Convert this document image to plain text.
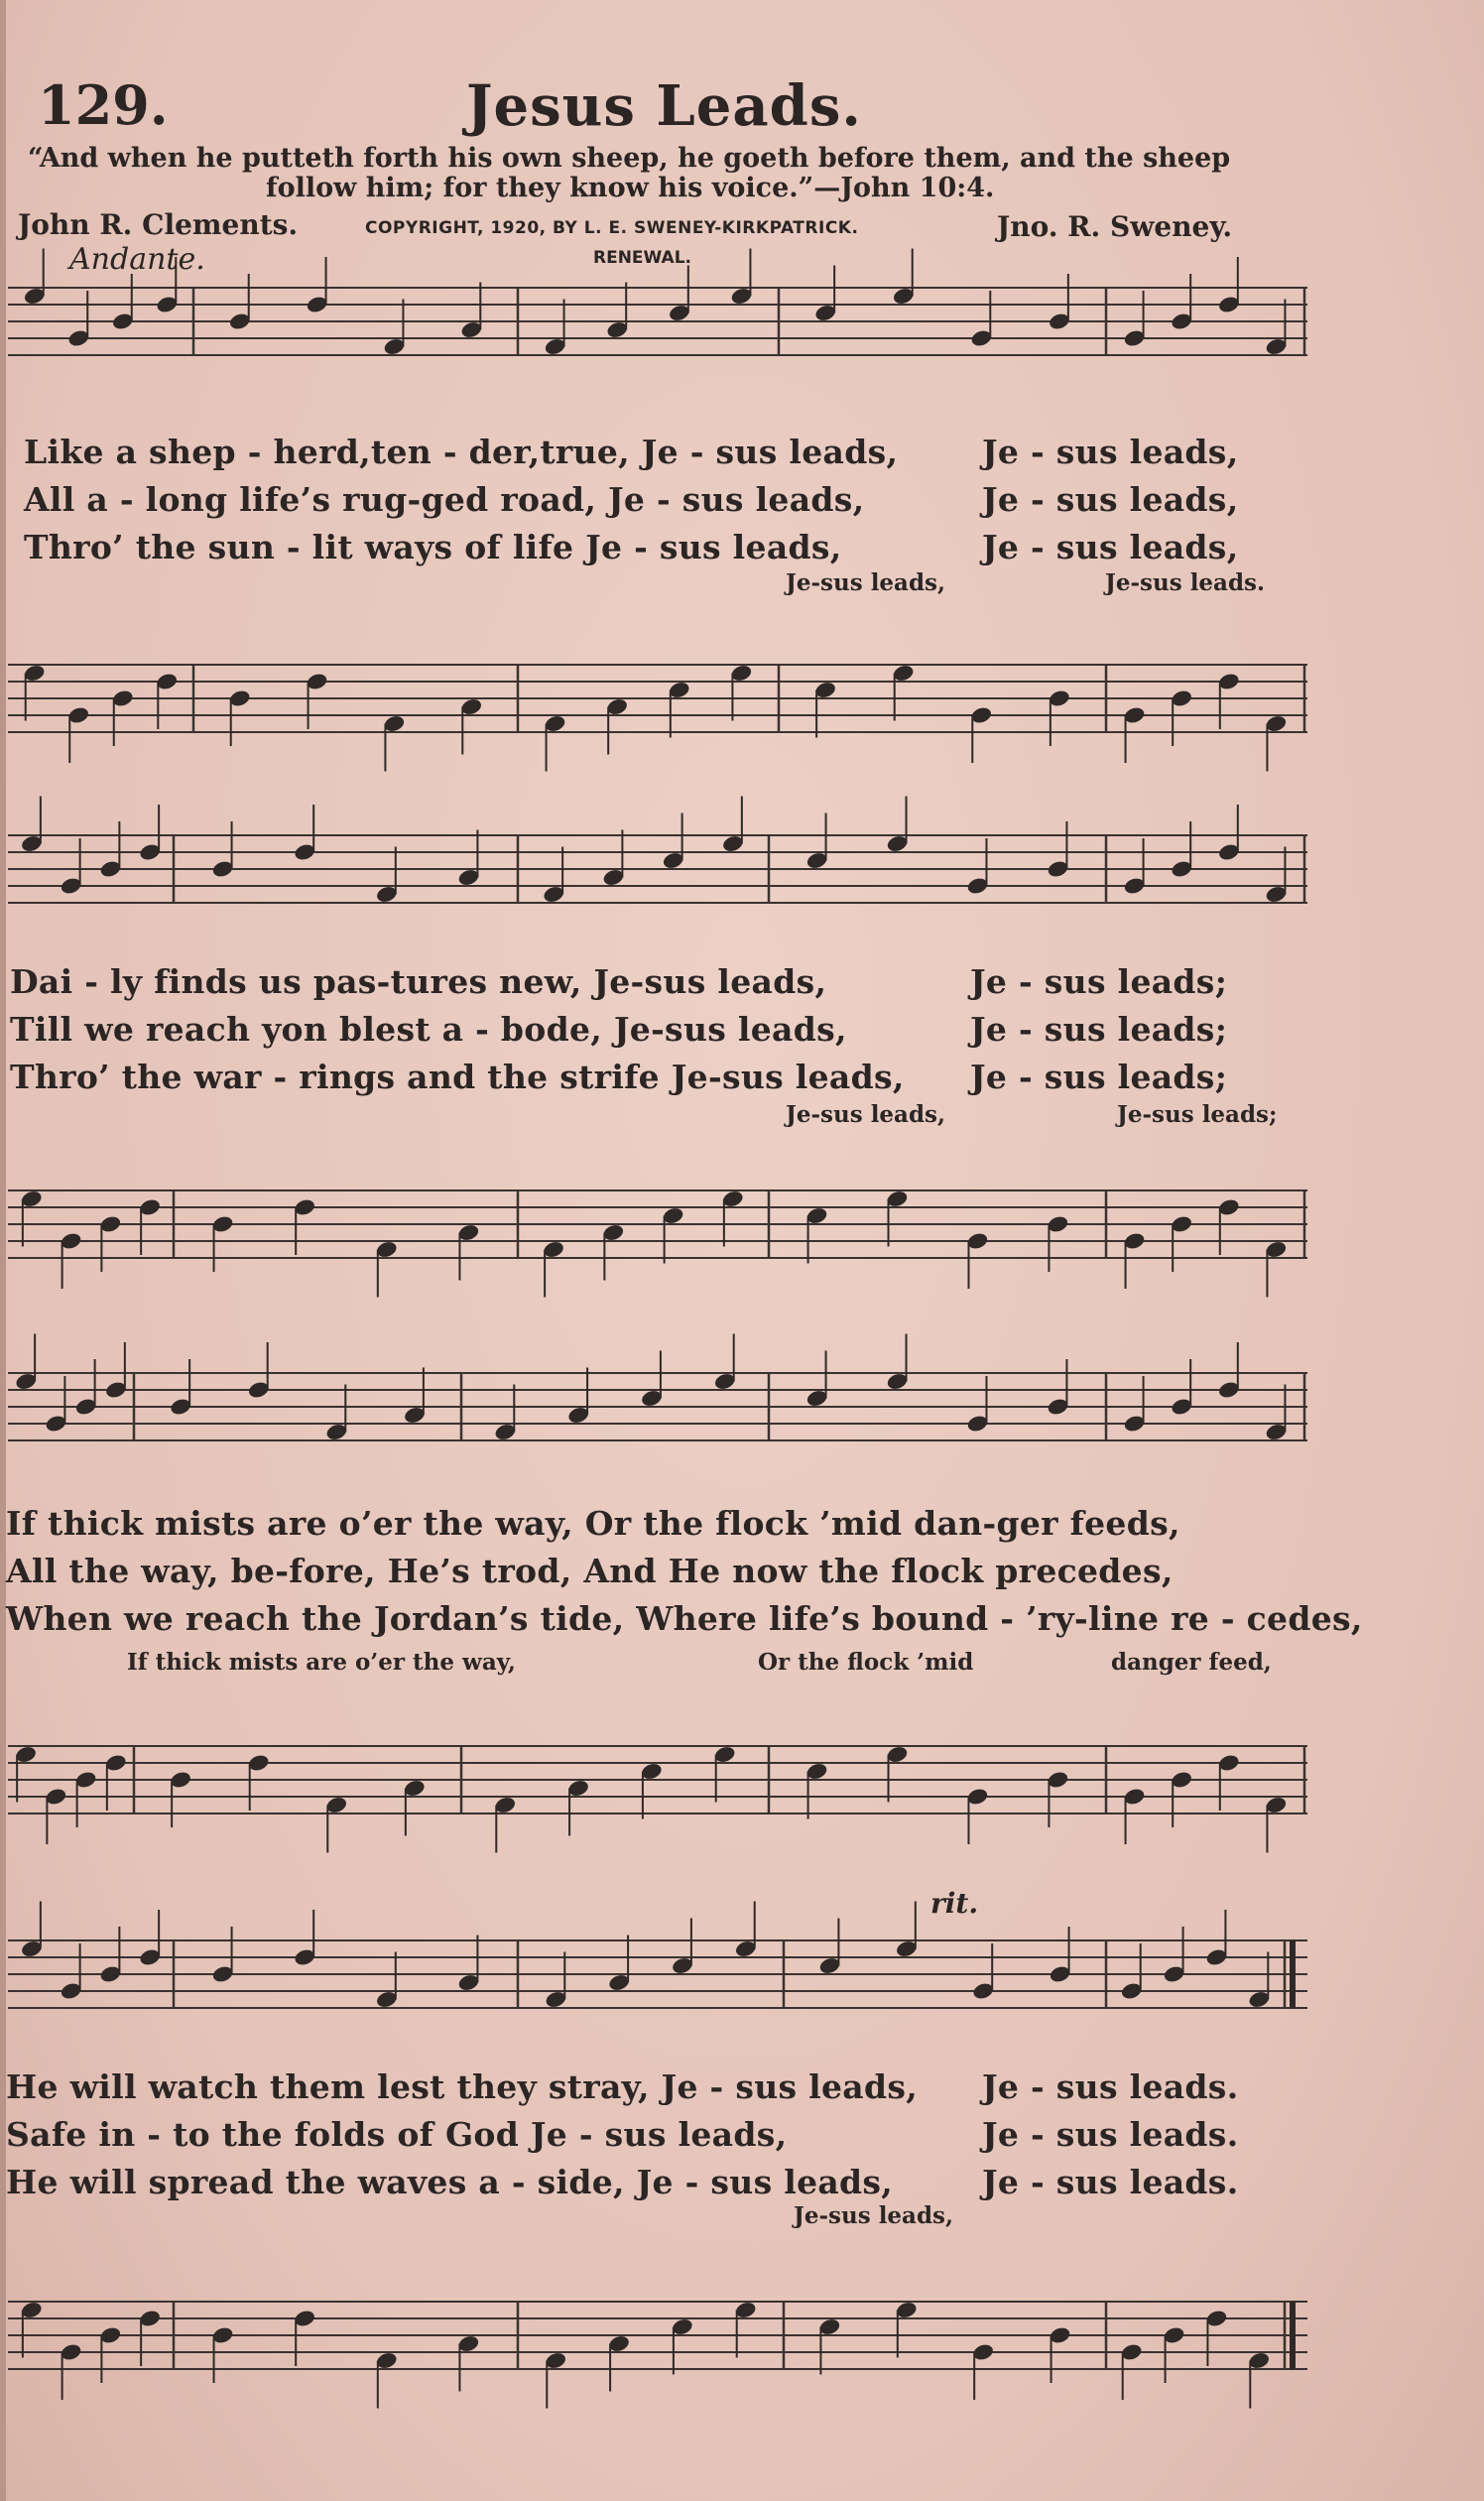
129.	Jesus Leads.
“And when he putteth forth his own sheep, he goeth before them, and the sheep
follow him; for they know his voice.”—John 10:4.
John R. Clements.	COPYRIGHT, 1920, BY L. E. SWENEY-KIRKPATRICK.	Jno. R. Sweney.
Andante.	RENEWAL.
Like a shep - herd,ten - der,true, Je - sus leads,
All a - long life’s rug-ged road, Je - sus leads,
Thro’ the sun - lit ways of life Je - sus leads,
Je - sus leads,
Je - sus leads,
Je - sus leads,
Je-sus leads,	Je-sus leads.
Dai - ly finds us pas-tures new, Je-sus leads,
Till we reach yon blest a - bode, Je-sus leads,
Thro’ the war - rings and the strife Je-sus leads,
Je - sus leads;
Je - sus leads;
Je - sus leads;
Je-sus leads,	Je-sus leads;
If thick mists are o’er the way, Or the flock ’mid dan-ger feeds,
All the way, be-fore, He’s trod, And He now the flock precedes,
When we reach the Jordan’s tide, Where life’s bound - ’ry-line re - cedes,
If thick mists are o’er the way,	Or the flock ’mid	danger feed,
rit.
He will watch them lest they stray, Je - sus leads,
Safe in - to the folds of God Je - sus leads,
He will spread the waves a - side, Je - sus leads,
Je - sus leads.
Je - sus leads.
Je - sus leads.
Je-sus leads,
